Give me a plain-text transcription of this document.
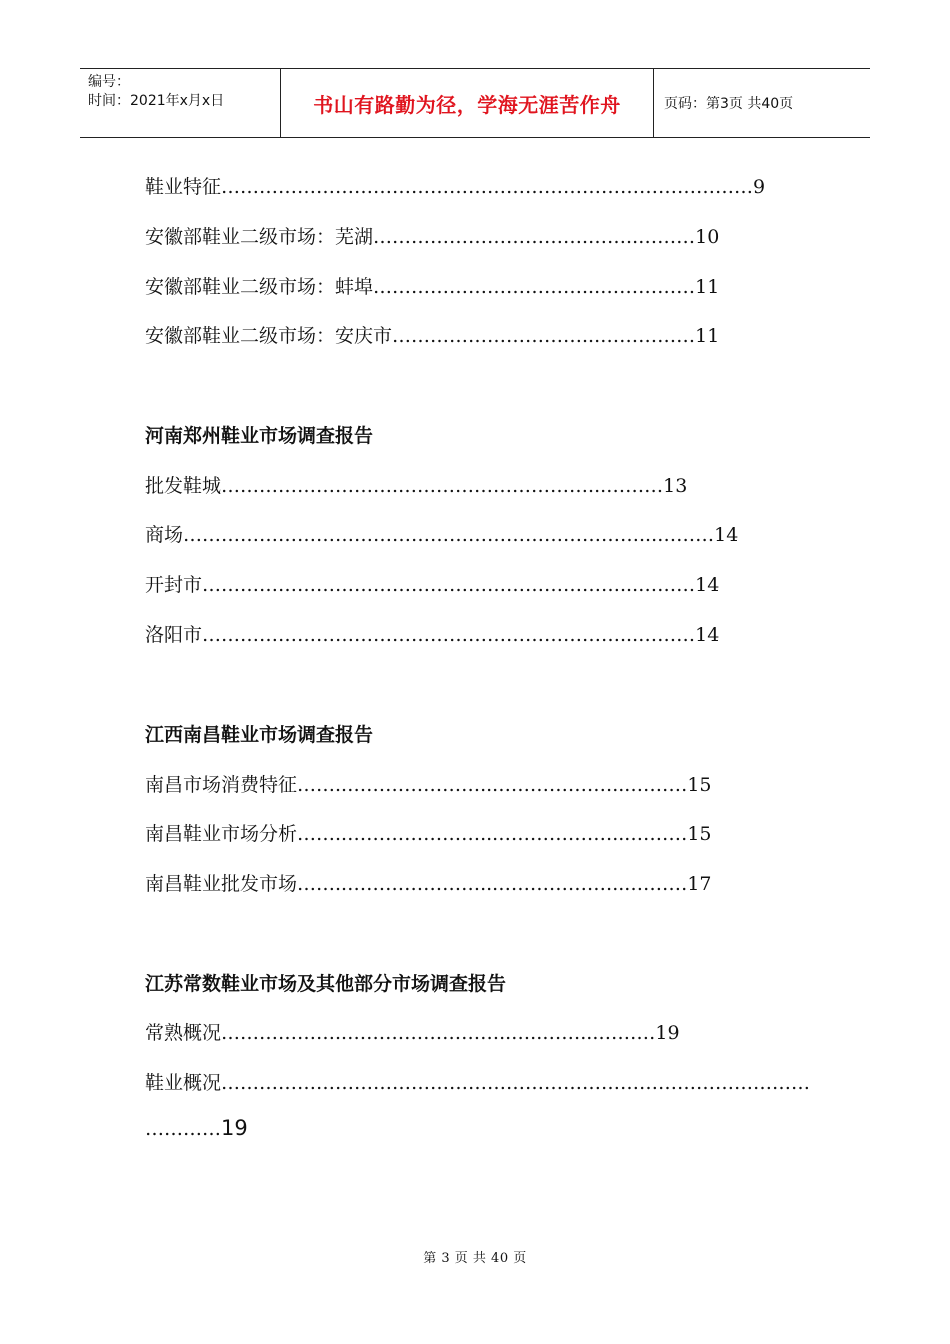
编号：
时间：2021年x月x日	书山有路勤为径，学海无涯苦作舟	页码：第3页 共40页
鞋业特征…………………………………………………………………………9
安徽部鞋业二级市场：芜湖…………………………….……..………10
安徽部鞋业二级市场：蚌埠……………………………...……………11
安徽部鞋业二级市场：安庆市…………………………...……………11
河南郑州鞋业市场调查报告
批发鞋城……………………….…………………………...………13
商场………………………………………………………………...………14
开封市…………………………………………………………...………14
洛阳市…………………………………………………………...………14
江西南昌鞋业市场调查报告
南昌市场消费特征……..…………………...………………...………15
南昌鞋业市场分析……..…………………...………………...………15
南昌鞋业批发市场……..…………………...………………...………17
江苏常数鞋业市场及其他部分市场调查报告
常熟概况………………..……………………..…..……...………19
鞋业概况…………………………………………………………………………………
…………19
第 3 页 共 40 页
